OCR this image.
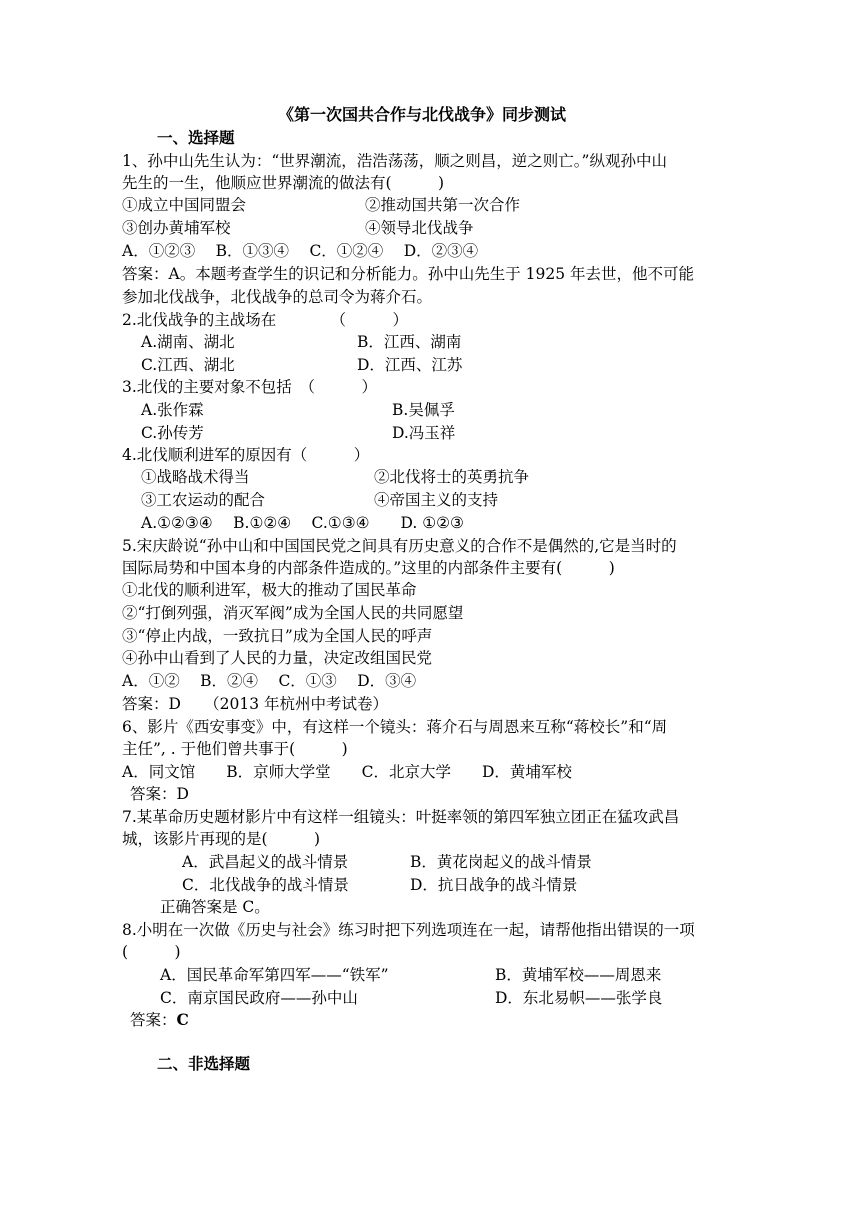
《第一次国共合作与北伐战争》同步测试
一、选择题
1、孙中山先生认为：“世界潮流，浩浩荡荡，顺之则昌，逆之则亡。”纵观孙中山
先生的一生，他顺应世界潮流的做法有(　　　)
①成立中国同盟会	②推动国共第一次合作
③创办黄埔军校	④领导北伐战争
A．①②③　 B．①③④　 C．①②④　 D．②③④
答案：A。本题考查学生的识记和分析能力。孙中山先生于 1925 年去世，他不可能
参加北伐战争，北伐战争的总司令为蒋介石。
2.北伐战争的主战场在　　　　（　　　）
A.湖南、湖北	B．江西、湖南
C.江西、湖北	D．江西、江苏
3.北伐的主要对象不包括　（　　　）
A.张作霖	B.吴佩孚
C.孙传芳	D.冯玉祥
4.北伐顺利进军的原因有（　　　）
①战略战术得当	②北伐将士的英勇抗争
③工农运动的配合	④帝国主义的支持
A.①②③④　 B.①②④　 C.①③④　　D. ①②③
5.宋庆龄说“孙中山和中国国民党之间具有历史意义的合作不是偶然的,它是当时的
国际局势和中国本身的内部条件造成的。”这里的内部条件主要有(　　　)
①北伐的顺利进军，极大的推动了国民革命
②“打倒列强，消灭军阀”成为全国人民的共同愿望
③“停止内战，一致抗日”成为全国人民的呼声
④孙中山看到了人民的力量，决定改组国民党
A．①②　 B．②④　 C．①③　 D．③④
答案：D　　（2013 年杭州中考试卷）
6、影片《西安事变》中，有这样一个镜头：蒋介石与周恩来互称“蒋校长”和“周
主任”, . 于他们曾共事于(　　　)
A．同文馆　　B．京师大学堂　　C．北京大学　　D．黄埔军校
答案：D
7.某革命历史题材影片中有这样一组镜头：叶挺率领的第四军独立团正在猛攻武昌
城，该影片再现的是(　　　)
A．武昌起义的战斗情景	B．黄花岗起义的战斗情景
C．北伐战争的战斗情景	D．抗日战争的战斗情景
正确答案是 C。
8.小明在一次做《历史与社会》练习时把下列选项连在一起，请帮他指出错误的一项
(　　　)
A．国民革命军第四军——“铁军”	B．黄埔军校——周恩来
C．南京国民政府——孙中山	D．东北易帜——张学良
答案：C
二、非选择题
